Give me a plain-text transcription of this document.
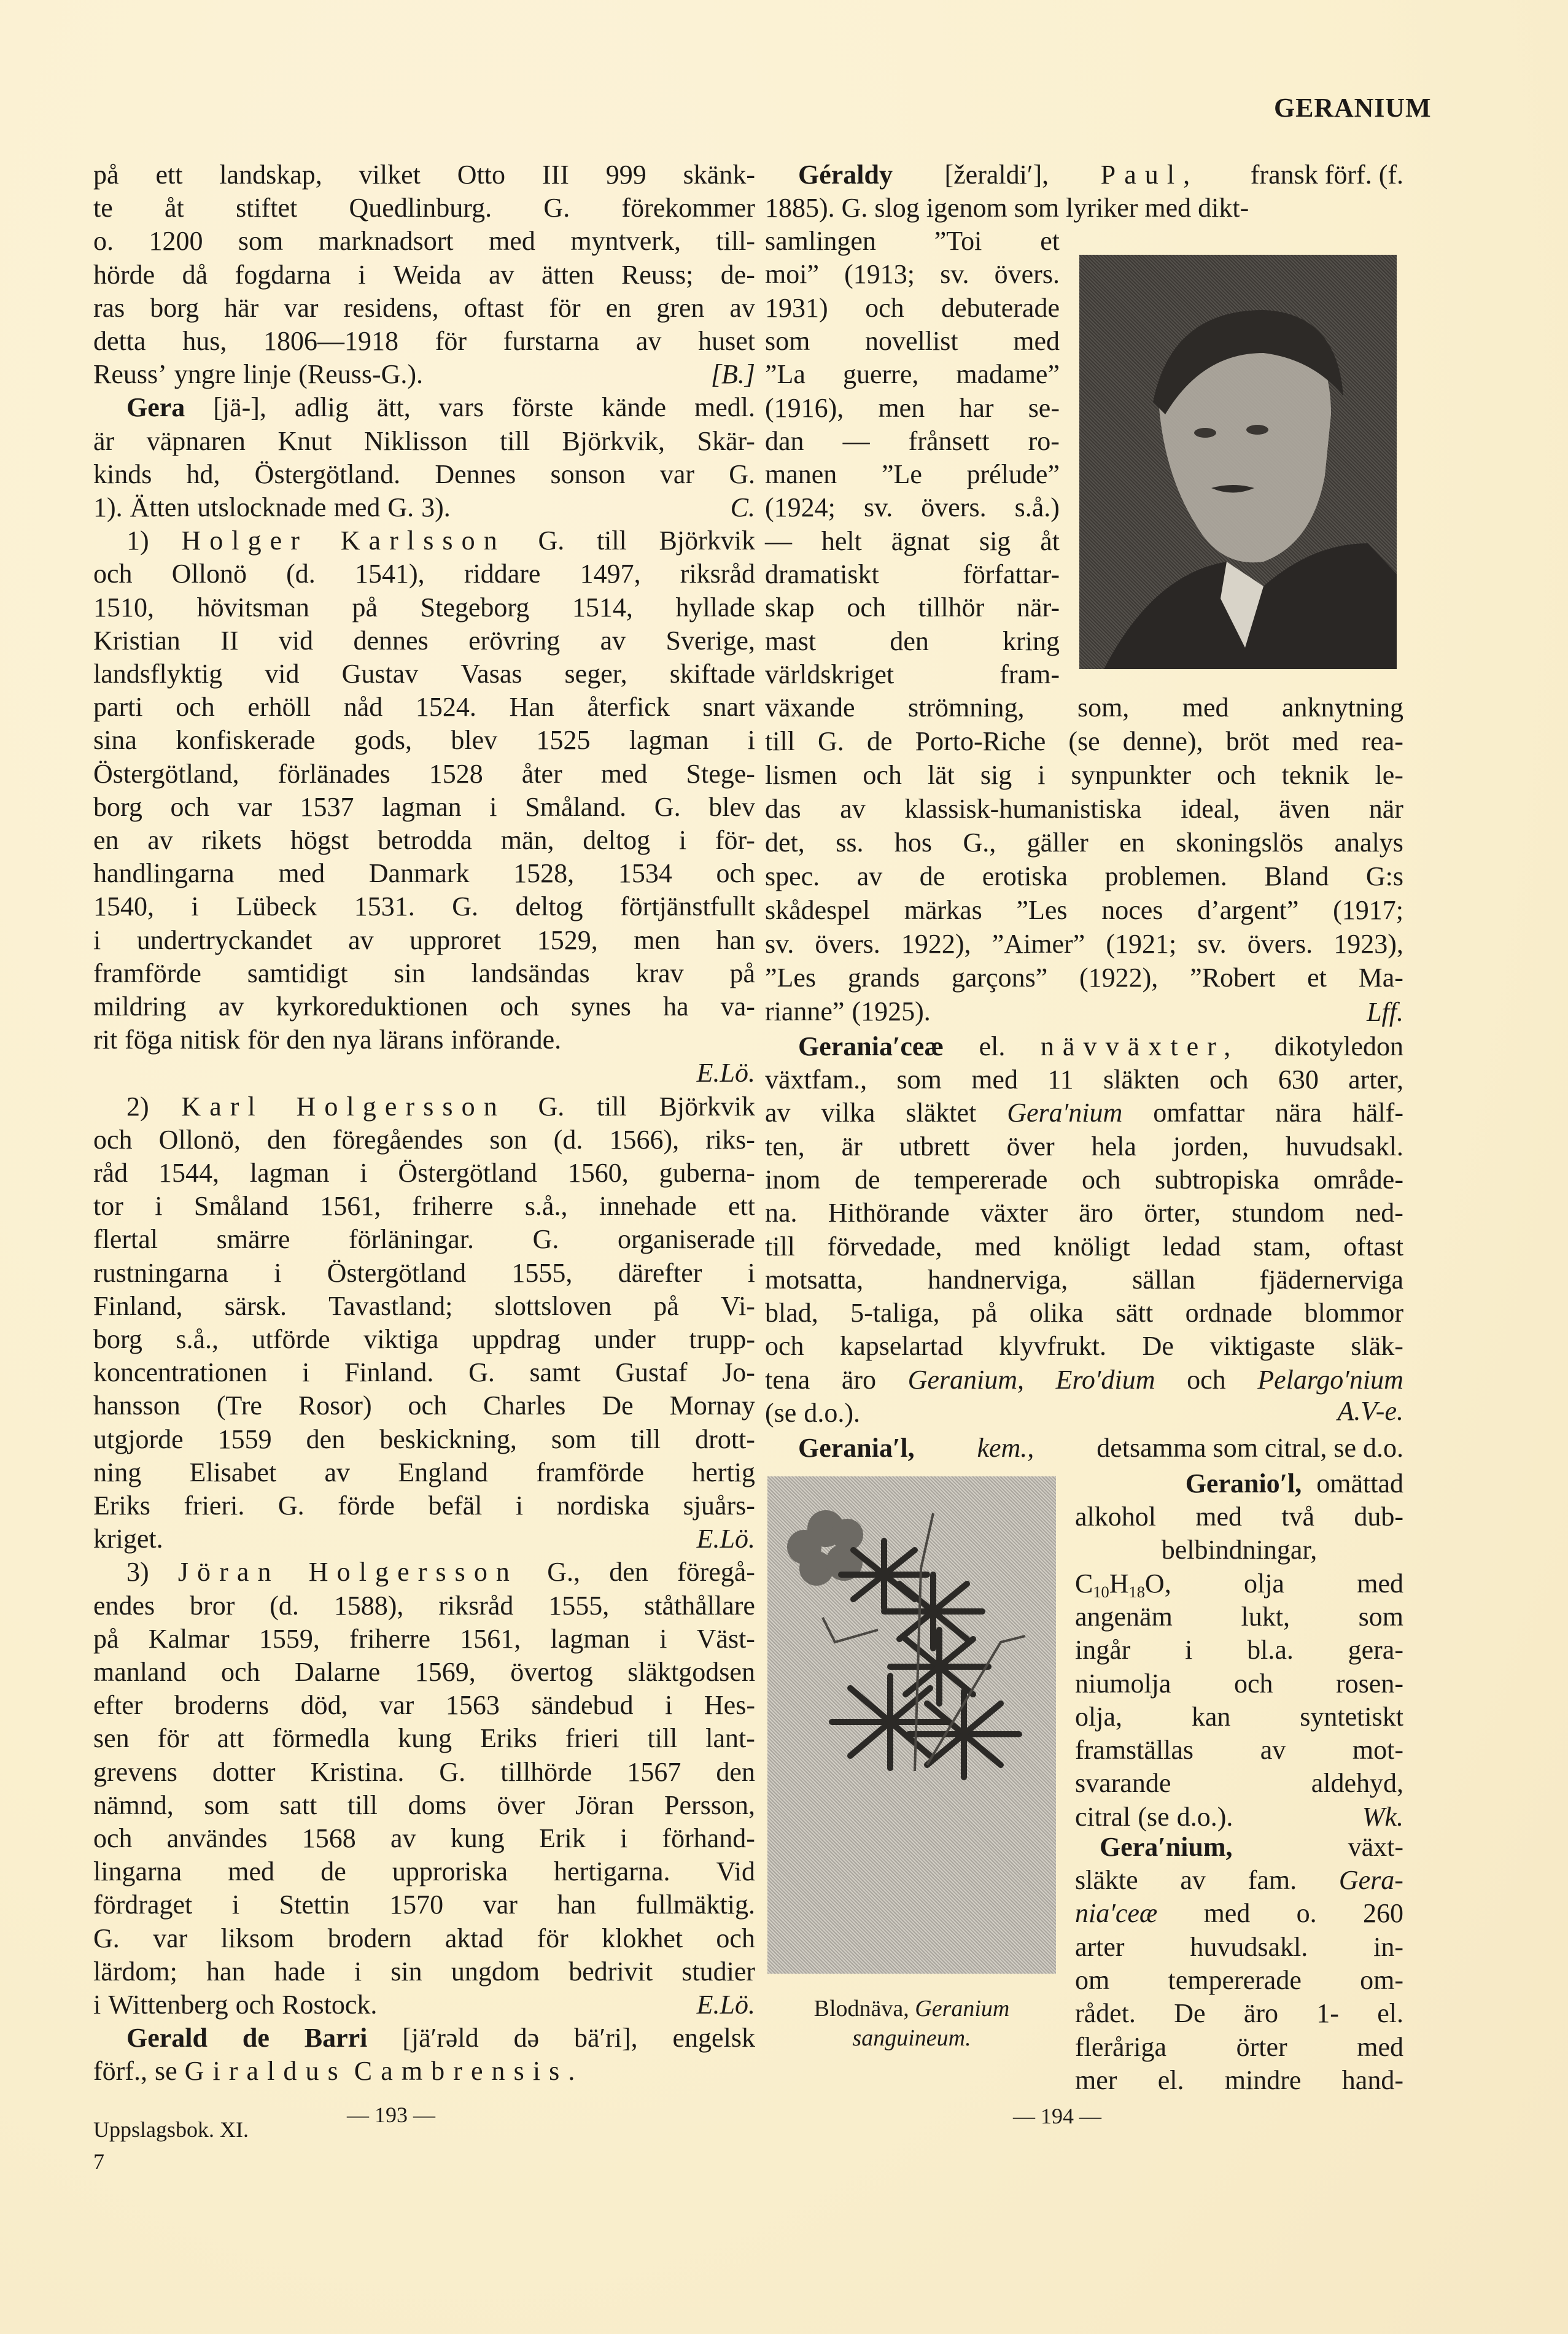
GERANIUM
på ett landskap, vilket Otto III 999 skänk-
te åt stiftet Quedlinburg. G. förekommer
o. 1200 som marknadsort med myntverk, till-
hörde då fogdarna i Weida av ätten Reuss; de-
ras borg här var residens, oftast för en gren av
detta hus, 1806—1918 för furstarna av huset
Reuss’ yngre linje (Reuss-G.).
Gera [jä-], adlig ätt, vars förste kände medl.
är väpnaren Knut Niklisson till Björkvik, Skär-
kinds hd, Östergötland. Dennes sonson var G.
1). Ätten utslocknade med G. 3).
1) Holger Karlsson G. till Björkvik
och Ollonö (d. 1541), riddare 1497, riksråd
1510, hövitsman på Stegeborg 1514, hyllade
Kristian II vid dennes erövring av Sverige,
landsflyktig vid Gustav Vasas seger, skiftade
parti och erhöll nåd 1524. Han återfick snart
sina konfiskerade gods, blev 1525 lagman i
Östergötland, förlänades 1528 åter med Stege-
borg och var 1537 lagman i Småland. G. blev
en av rikets högst betrodda män, deltog i för-
handlingarna med Danmark 1528, 1534 och
1540, i Lübeck 1531. G. deltog förtjänstfullt
i undertryckandet av upproret 1529, men han
framförde samtidigt sin landsändas krav på
mildring av kyrkoreduktionen och synes ha va-
rit föga nitisk för den nya lärans införande.
2) Karl Holgersson G. till Björkvik
och Ollonö, den föregåendes son (d. 1566), riks-
råd 1544, lagman i Östergötland 1560, guberna-
tor i Småland 1561, friherre s.å., innehade ett
flertal smärre förläningar. G. organiserade
rustningarna i Östergötland 1555, därefter i
Finland, särsk. Tavastland; slottsloven på Vi-
borg s.å., utförde viktiga uppdrag under trupp-
koncentrationen i Finland. G. samt Gustaf Jo-
hansson (Tre Rosor) och Charles De Mornay
utgjorde 1559 den beskickning, som till drott-
ning Elisabet av England framförde hertig
Eriks frieri. G. förde befäl i nordiska sjuårs-
kriget.
3) Jöran Holgersson G., den föregå-
endes bror (d. 1588), riksråd 1555, ståthållare
på Kalmar 1559, friherre 1561, lagman i Väst-
manland och Dalarne 1569, övertog släktgodsen
efter broderns död, var 1563 sändebud i Hes-
sen för att förmedla kung Eriks frieri till lant-
grevens dotter Kristina. G. tillhörde 1567 den
nämnd, som satt till doms över Jöran Persson,
och användes 1568 av kung Erik i förhand-
lingarna med de upproriska hertigarna. Vid
fördraget i Stettin 1570 var han fullmäktig.
G. var liksom brodern aktad för klokhet och
lärdom; han hade i sin ungdom bedrivit studier
i Wittenberg och Rostock.
Gerald de Barri [jä′rəld də bä′ri], engelsk
förf., se Giraldus Cambrensis.
[B.]
C.
E.Lö.
E.Lö.
E.Lö.
Géraldy [žeraldi′], Paul, fransk förf. (f.
1885). G. slog igenom som lyriker med dikt-
Lff.
Gerania′ceæ el. nävväxter, dikotyledon
A.V-e.
Gerania′l, kem., detsamma som citral, se d.o.
Geranio′l, omättad
Gera′nium,	växt-
samlingen ”Toi et
moi” (1913; sv. övers.
1931) och debuterade
som novellist med
”La guerre, madame”
(1916), men har se-
dan — frånsett ro-
manen ”Le prélude”
(1924; sv. övers. s.å.)
— helt ägnat sig åt
dramatiskt	författar-
skap och tillhör när-
mast	den	kring
världskriget	fram-
växande strömning, som, med anknytning
till G. de Porto-Riche (se denne), bröt med rea-
lismen och lät sig i synpunkter och teknik le-
das av klassisk-humanistiska ideal, även när
det, ss. hos G., gäller en skoningslös analys
spec. av de erotiska problemen. Bland G:s
skådespel märkas ”Les noces d’argent” (1917;
sv. övers. 1922), ”Aimer” (1921; sv. övers. 1923),
”Les grands garçons” (1922), ”Robert et Ma-
rianne” (1925).
växtfam., som med 11 släkten och 630 arter,
av vilka släktet Gera′nium omfattar nära hälf-
ten, är utbrett över hela jorden, huvudsakl.
inom de tempererade och subtropiska område-
na. Hithörande växter äro örter, stundom ned-
till förvedade, med knöligt ledad stam, oftast
motsatta, handnerviga, sällan fjädernerviga
blad, 5-taliga, på olika sätt ordnade blommor
och kapselartad klyvfrukt. De viktigaste släk-
tena äro Geranium, Ero′dium och Pelargo′nium
(se d.o.).
alkohol med två dub-
belbindningar,
$C_{10}H_{18}O$,	olja	med
angenäm	lukt,	som
ingår i bl.a. gera-
niumolja och rosen-
olja,	kan	syntetiskt
framställas av mot-
svarande	aldehyd,
citral (se d.o.).	Wk.
släkte av fam. Gera-
nia′ceæ med o. 260
arter huvudsakl. in-
om tempererade om-
rådet. De äro 1- el.
fleråriga	örter	med
mer el. mindre hand-
Blodnäva, Geranium
sanguineum.
Uppslagsbok. XI.
7
— 193 —	— 194 —
